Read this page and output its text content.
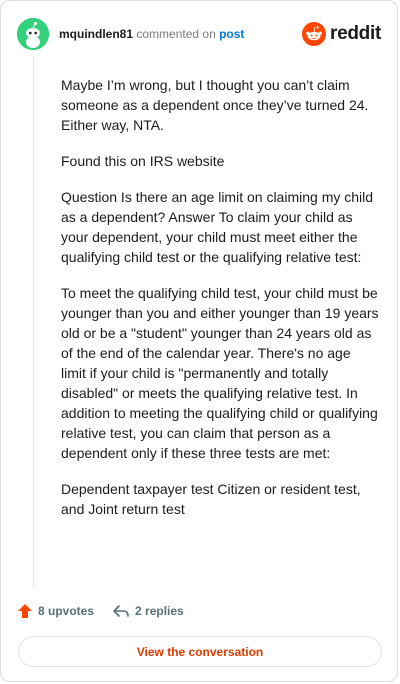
mquindlen81 commented on post	reddit

Maybe I’m wrong, but I thought you can’t claim someone as a dependent once they’ve turned 24. Either way, NTA.

Found this on IRS website

Question Is there an age limit on claiming my child as a dependent? Answer To claim your child as your dependent, your child must meet either the qualifying child test or the qualifying relative test:

To meet the qualifying child test, your child must be younger than you and either younger than 19 years old or be a "student" younger than 24 years old as of the end of the calendar year. There's no age limit if your child is "permanently and totally disabled" or meets the qualifying relative test. In addition to meeting the qualifying child or qualifying relative test, you can claim that person as a dependent only if these three tests are met:

Dependent taxpayer test Citizen or resident test, and Joint return test

8 upvotes	2 replies
View the conversation
